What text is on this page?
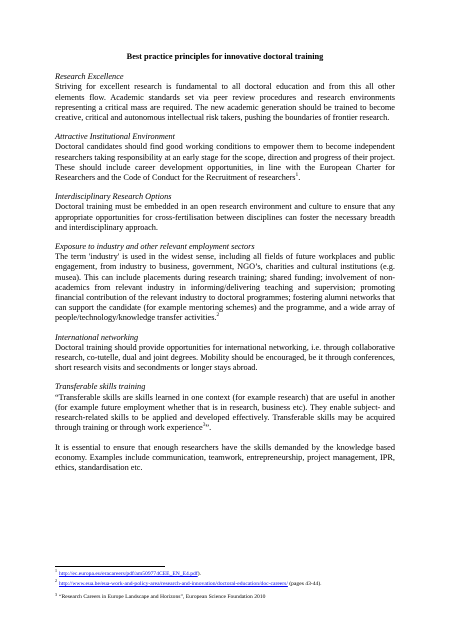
Best practice principles for innovative doctoral training
Research Excellence
Striving for excellent research is fundamental to all doctoral education and from this all other elements flow. Academic standards set via peer review procedures and research environments representing a critical mass are required. The new academic generation should be trained to become creative, critical and autonomous intellectual risk takers, pushing the boundaries of frontier research.
Attractive Institutional Environment
Doctoral candidates should find good working conditions to empower them to become independent researchers taking responsibility at an early stage for the scope, direction and progress of their project. These should include career development opportunities, in line with the European Charter for Researchers and the Code of Conduct for the Recruitment of researchers$^1$.
Interdisciplinary Research Options
Doctoral training must be embedded in an open research environment and culture to ensure that any appropriate opportunities for cross-fertilisation between disciplines can foster the necessary breadth and interdisciplinary approach.
Exposure to industry and other relevant employment sectors
The term 'industry' is used in the widest sense, including all fields of future workplaces and public engagement, from industry to business, government, NGO’s, charities and cultural institutions (e.g. musea). This can include placements during research training; shared funding; involvement of non-academics from relevant industry in informing/delivering teaching and supervision; promoting financial contribution of the relevant industry to doctoral programmes; fostering alumni networks that can support the candidate (for example mentoring schemes) and the programme, and a wide array of people/technology/knowledge transfer activities.$^2$
International networking
Doctoral training should provide opportunities for international networking, i.e. through collaborative research, co-tutelle, dual and joint degrees. Mobility should be encouraged, be it through conferences, short research visits and secondments or longer stays abroad.
Transferable skills training
“Transferable skills are skills learned in one context (for example research) that are useful in another (for example future employment whether that is in research, business etc). They enable subject- and research-related skills to be applied and developed effectively. Transferable skills may be acquired through training or through work experience$^3$”.
It is essential to ensure that enough researchers have the skills demanded by the knowledge based economy. Examples include communication, teamwork, entrepreneurship, project management, IPR, ethics, standardisation etc.
$^1$http://ec.europa.eu/eracareers/pdf/am509774CEE_EN_E4.pdf).
$^2$http://www.eua.be/eua-work-and-policy-area/research-and-innovation/doctoral-education/doc-careers/ (pages 43-44).
$^3$“Research Careers in Europe Landscape and Horizons”, European Science Foundation 2010
